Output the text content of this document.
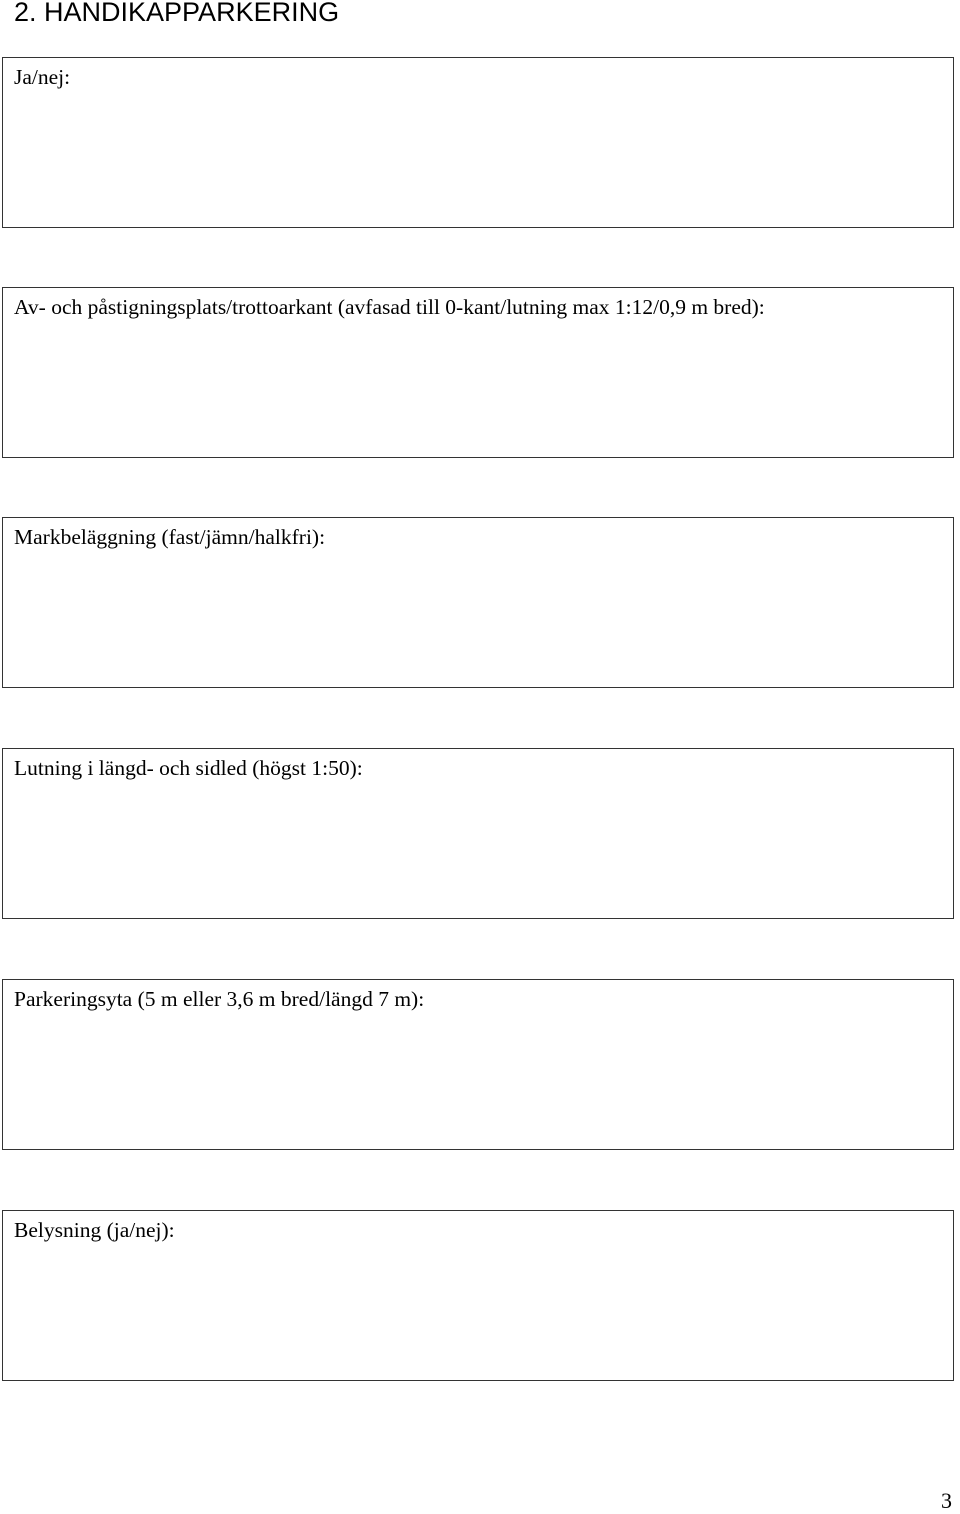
2. HANDIKAPPARKERING
Ja/nej:
Av- och påstigningsplats/trottoarkant (avfasad till 0-kant/lutning max 1:12/0,9 m bred):
Markbeläggning (fast/jämn/halkfri):
Lutning i längd- och sidled (högst 1:50):
Parkeringsyta (5 m eller 3,6 m bred/längd 7 m):
Belysning (ja/nej):
3
